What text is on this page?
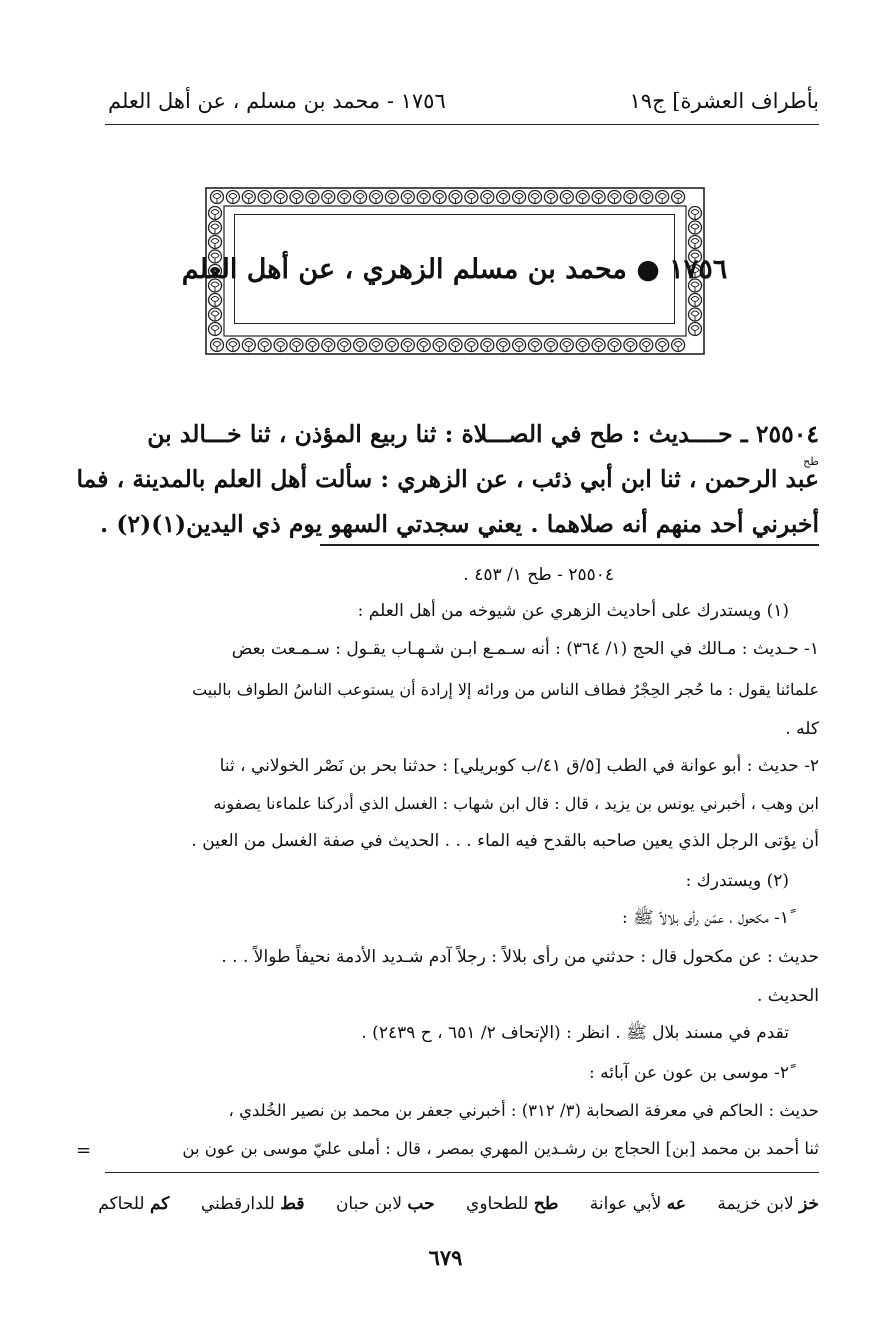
بأطراف العشرة] ج١٩
١٧٥٦ - محمد بن مسلم ، عن أهل العلم
١٧٥٦ ● محمد بن مسلم الزهري ، عن أهل العلم
٢٥٥٠٤ ـ حــــديث : طح في الصـــلاة : ثنا ربيع المؤذن ، ثنا خـــالد بن
طح
عبد الرحمن ، ثنا ابن أبي ذئب ، عن الزهري : سألت أهل العلم بالمدينة ، فما
أخبرني أحد منهم أنه صلاهما . يعني سجدتي السهو يوم ذي اليدين(١)(٢) .
٢٥٥٠٤ - طح ١/ ٤٥٣ .
(١) ويستدرك على أحاديث الزهري عن شيوخه من أهل العلم :
١- حـديث : مـالك في الحج (١/ ٣٦٤) : أنه سـمـع ابـن شـهـاب يقـول : سـمـعت بعض
علمائنا يقول : ما حُجر الحِجْرُ فطاف الناس من ورائه إلا إرادة أن يستوعب الناسُ الطواف بالبيت
كله .
٢- حديث : أبو عوانة في الطب [٥/ق ٤١/ب كوبريلي] : حدثنا بحر بن نَصْر الخولاني ، ثنا
ابن وهب ، أخبرني يونس بن يزيد ، قال : قال ابن شهاب : الغسل الذي أدركنا علماءنا يصفونه
أن يؤتى الرجل الذي يعين صاحبه بالقدح فيه الماء . . . الحديث في صفة الغسل من العين .
(٢) ويستدرك :
١ً- مكحول ، عمّن رأى بلالاً ﷺ :
حديث : عن مكحول قال : حدثني من رأى بلالاً : رجلاً آدم شـديد الأدمة نحيفاً طوالاً . . .
الحديث .
تقدم في مسند بلال ﷺ . انظر : (الإتحاف ٢/ ٦٥١ ، ح ٢٤٣٩) .
٢ً- موسى بن عون عن آبائه :
حديث : الحاكم في معرفة الصحابة (٣/ ٣١٢) : أخبرني جعفر بن محمد بن نصير الخُلدي ،
ثنا أحمد بن محمد [بن] الحجاج بن رشـدين المهري بمصر ، قال : أملى عليّ موسى بن عون بن
=
خز لابن خزيمة عه لأبي عوانة طح للطحاوي حب لابن حبان قط للدارقطني كم للحاكم
٦٧٩
